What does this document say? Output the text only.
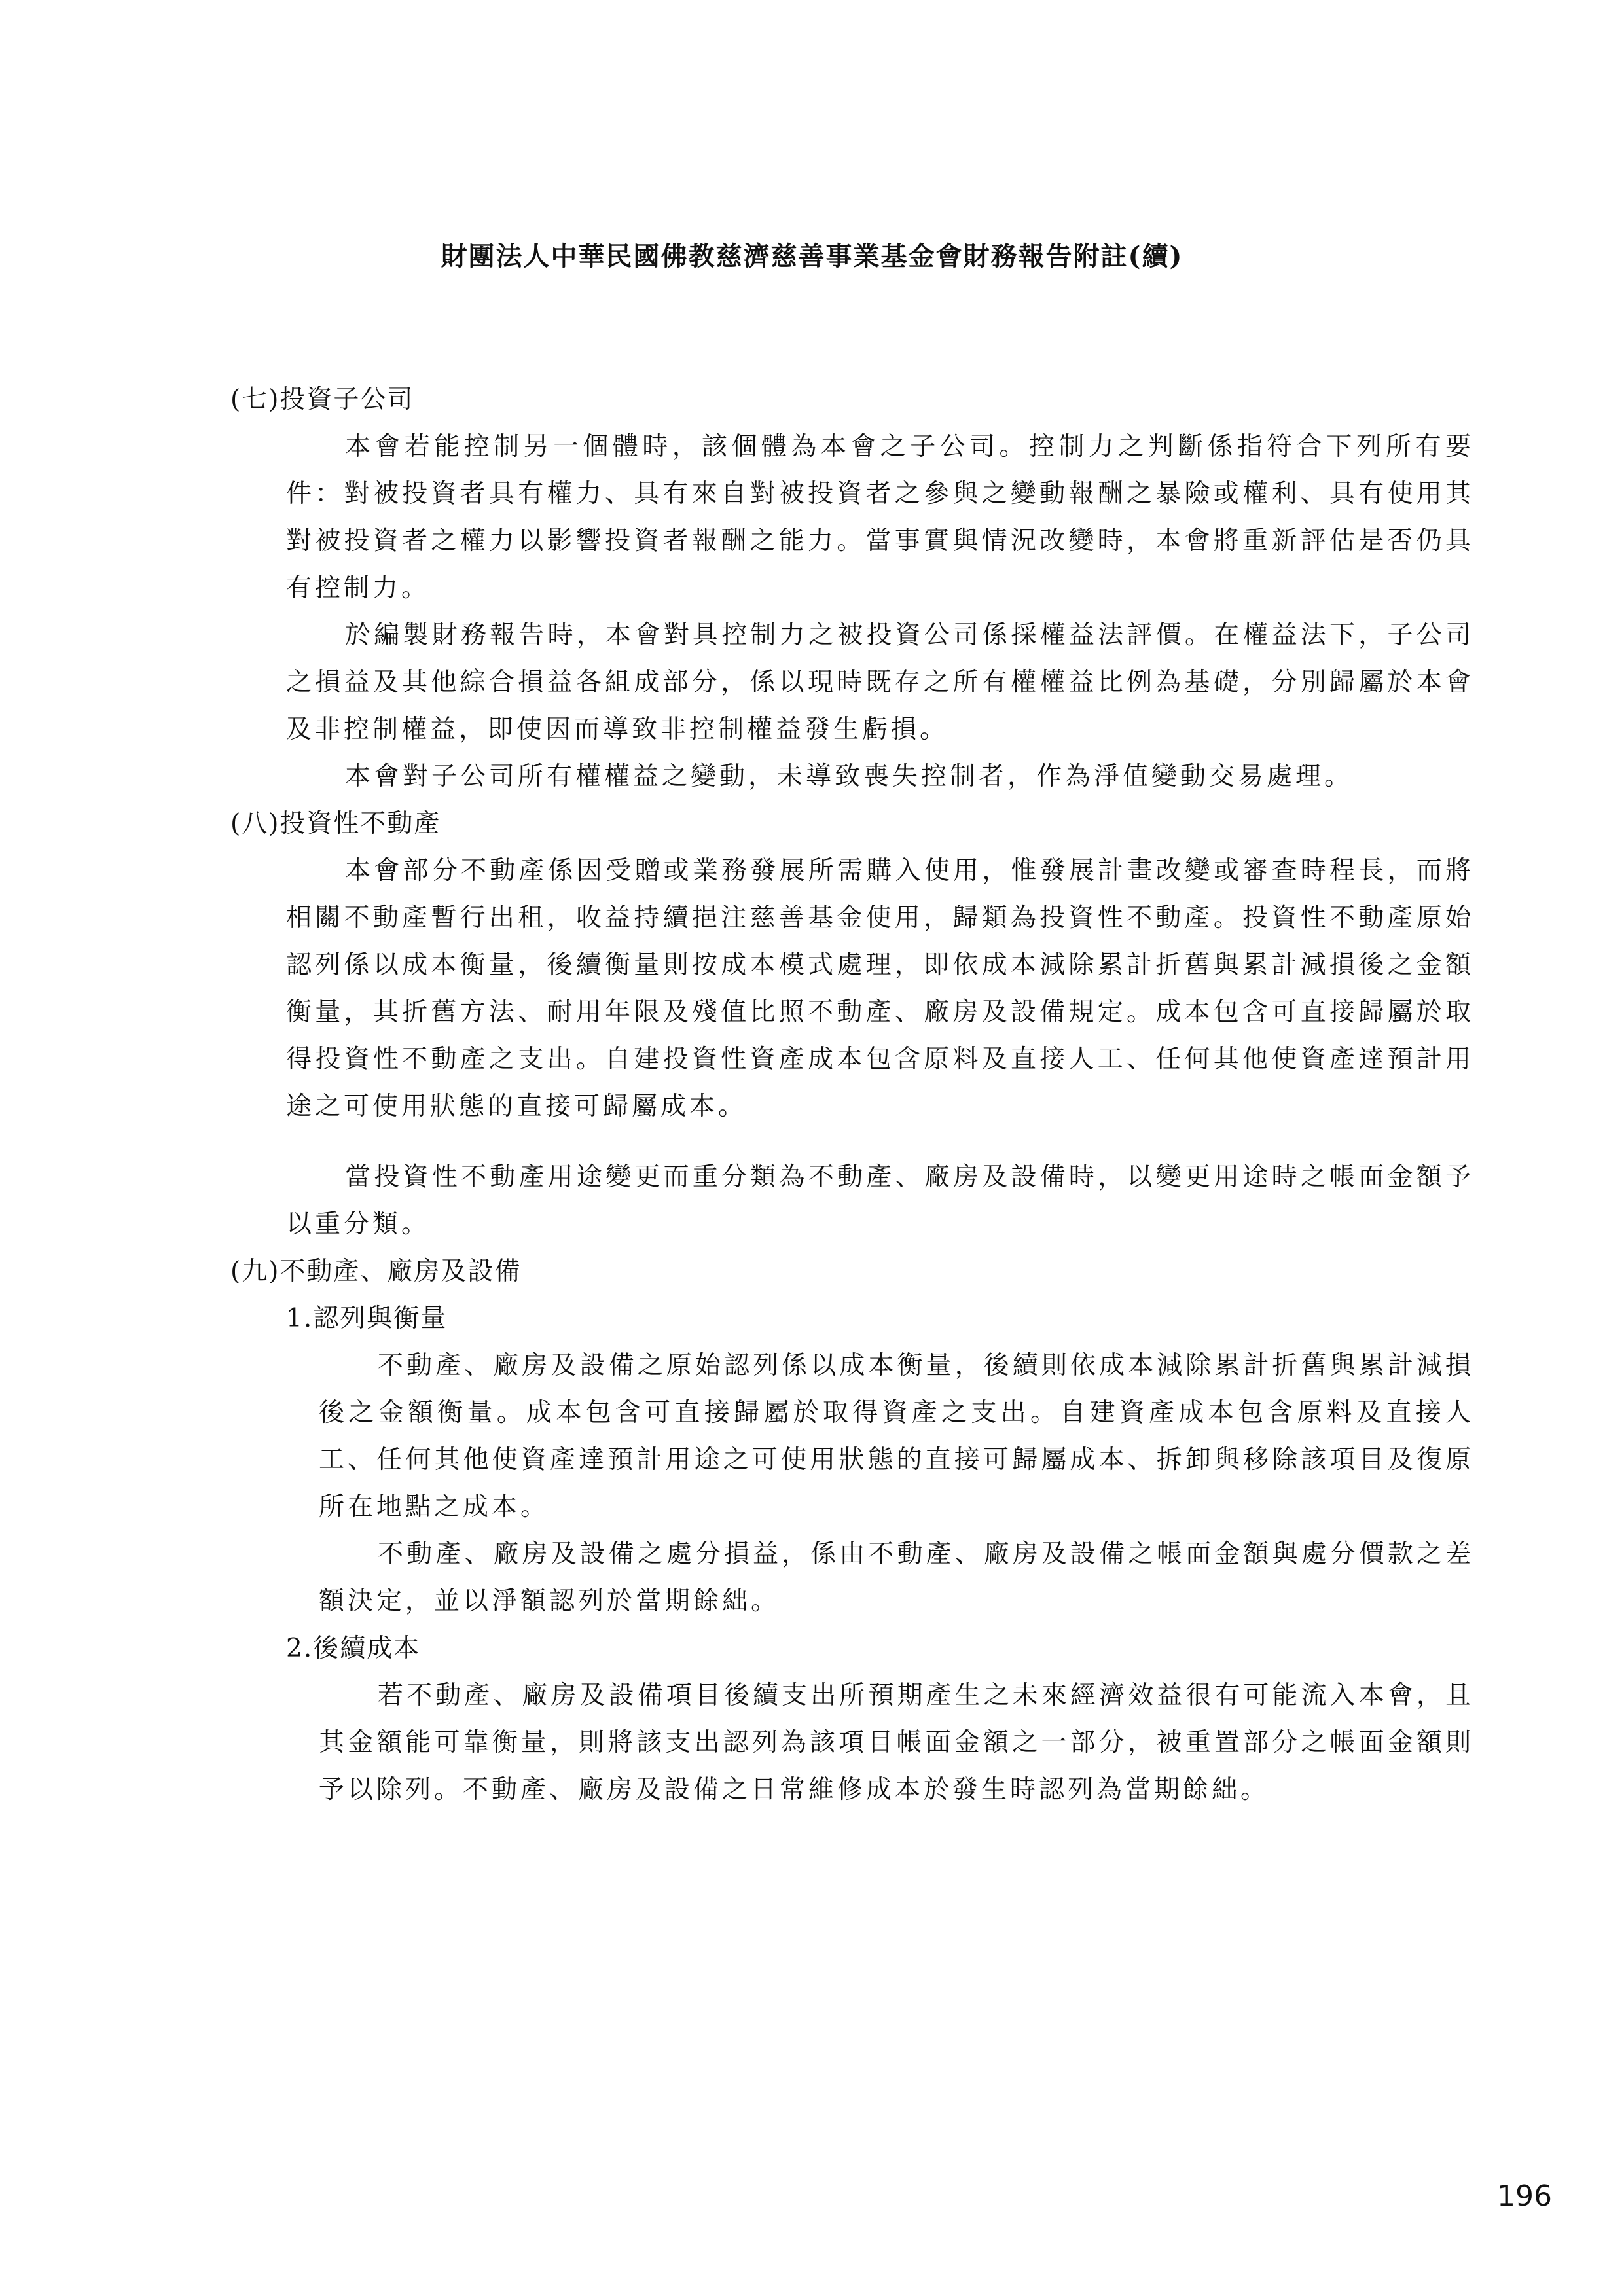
財團法人中華民國佛教慈濟慈善事業基金會財務報告附註(續)

(七)投資子公司

本會若能控制另一個體時，該個體為本會之子公司。控制力之判斷係指符合下列所有要件：對被投資者具有權力、具有來自對被投資者之參與之變動報酬之暴險或權利、具有使用其對被投資者之權力以影響投資者報酬之能力。當事實與情況改變時，本會將重新評估是否仍具有控制力。

於編製財務報告時，本會對具控制力之被投資公司係採權益法評價。在權益法下，子公司之損益及其他綜合損益各組成部分，係以現時既存之所有權權益比例為基礎，分別歸屬於本會及非控制權益，即使因而導致非控制權益發生虧損。

本會對子公司所有權權益之變動，未導致喪失控制者，作為淨值變動交易處理。

(八)投資性不動產

本會部分不動產係因受贈或業務發展所需購入使用，惟發展計畫改變或審查時程長，而將相關不動產暫行出租，收益持續挹注慈善基金使用，歸類為投資性不動產。投資性不動產原始認列係以成本衡量，後續衡量則按成本模式處理，即依成本減除累計折舊與累計減損後之金額衡量，其折舊方法、耐用年限及殘值比照不動產、廠房及設備規定。成本包含可直接歸屬於取得投資性不動產之支出。自建投資性資產成本包含原料及直接人工、任何其他使資產達預計用途之可使用狀態的直接可歸屬成本。

當投資性不動產用途變更而重分類為不動產、廠房及設備時，以變更用途時之帳面金額予以重分類。

(九)不動產、廠房及設備

1.認列與衡量

不動產、廠房及設備之原始認列係以成本衡量，後續則依成本減除累計折舊與累計減損後之金額衡量。成本包含可直接歸屬於取得資產之支出。自建資產成本包含原料及直接人工、任何其他使資產達預計用途之可使用狀態的直接可歸屬成本、拆卸與移除該項目及復原所在地點之成本。

不動產、廠房及設備之處分損益，係由不動產、廠房及設備之帳面金額與處分價款之差額決定，並以淨額認列於當期餘絀。

2.後續成本

若不動產、廠房及設備項目後續支出所預期產生之未來經濟效益很有可能流入本會，且其金額能可靠衡量，則將該支出認列為該項目帳面金額之一部分，被重置部分之帳面金額則予以除列。不動產、廠房及設備之日常維修成本於發生時認列為當期餘絀。

196
